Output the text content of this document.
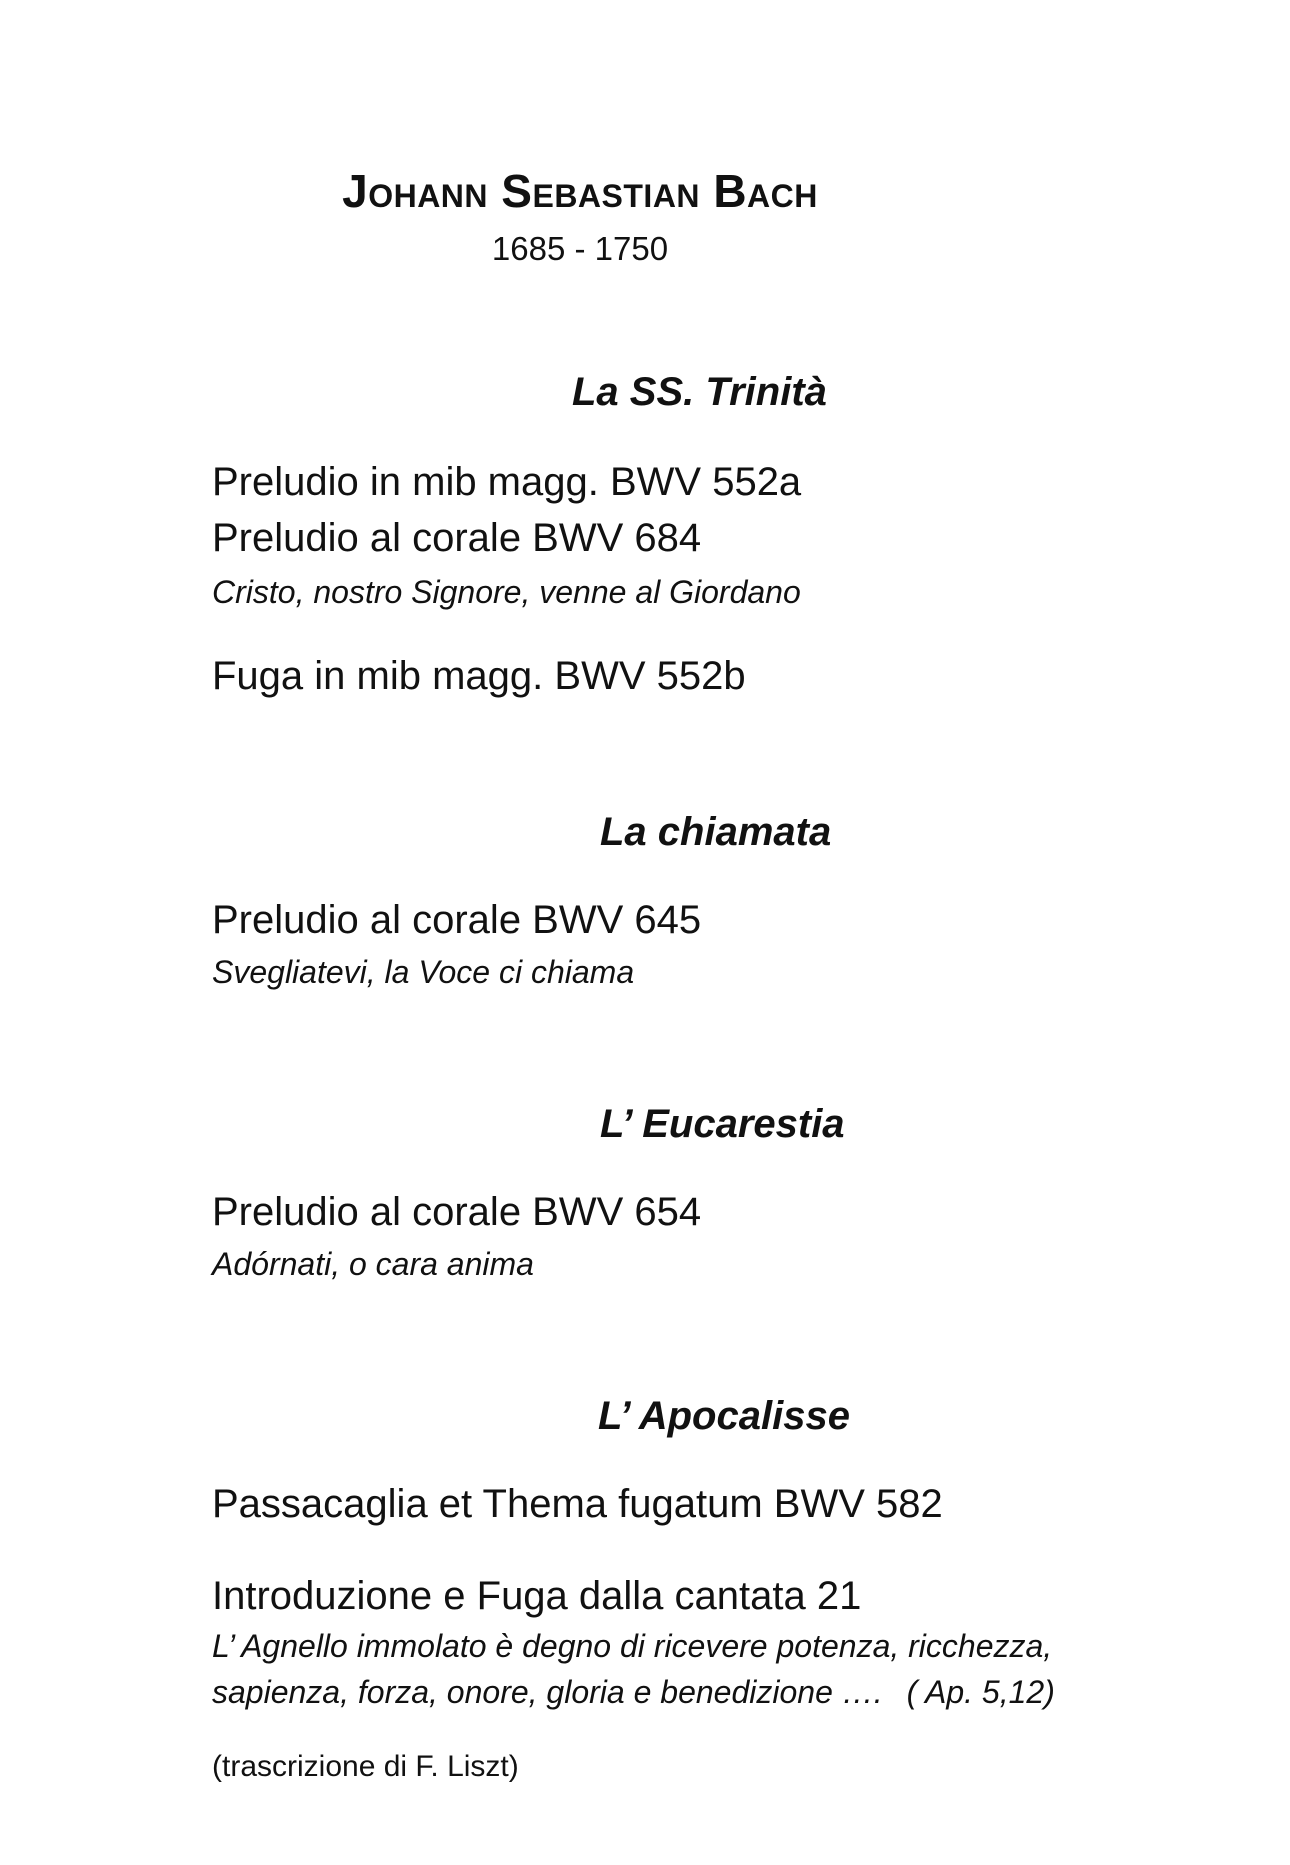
Johann Sebastian Bach
1685 - 1750
La SS. Trinità
Preludio in mib magg. BWV 552a
Preludio al corale BWV 684
Cristo, nostro Signore, venne al Giordano
Fuga in mib magg. BWV 552b
La chiamata
Preludio al corale BWV 645
Svegliatevi, la Voce ci chiama
L’ Eucarestia
Preludio al corale BWV 654
Adórnati, o cara anima
L’ Apocalisse
Passacaglia et Thema fugatum BWV 582
Introduzione e Fuga dalla cantata 21
L’ Agnello immolato è degno di ricevere potenza, ricchezza,
sapienza, forza, onore, gloria e benedizione …. ( Ap. 5,12)
(trascrizione di F. Liszt)
